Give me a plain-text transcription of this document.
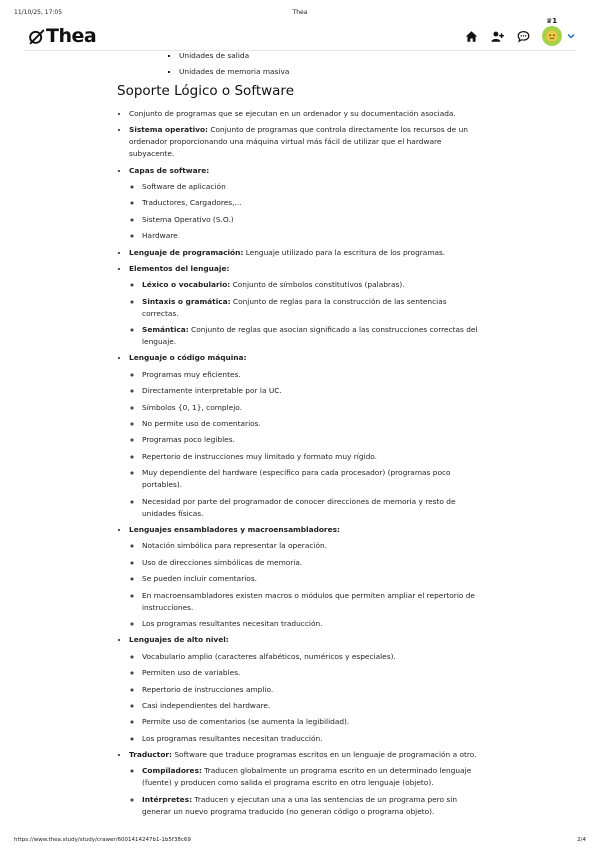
11/10/25, 17:05	Thea
Thea
♛1
▪ Unidades de salida
▪ Unidades de memoria masiva
Soporte Lógico o Software
• Conjunto de programas que se ejecutan en un ordenador y su documentación asociada.
• Sistema operativo: Conjunto de programas que controla directamente los recursos de un ordenador proporcionando una máquina virtual más fácil de utilizar que el hardware subyacente.
• Capas de software:
◦ Software de aplicación
◦ Traductores, Cargadores,...
◦ Sistema Operativo (S.O.)
◦ Hardware
• Lenguaje de programación: Lenguaje utilizado para la escritura de los programas.
• Elementos del lenguaje:
◦ Léxico o vocabulario: Conjunto de símbolos constitutivos (palabras).
◦ Sintaxis o gramática: Conjunto de reglas para la construcción de las sentencias correctas.
◦ Semántica: Conjunto de reglas que asocian significado a las construcciones correctas del lenguaje.
• Lenguaje o código máquina:
◦ Programas muy eficientes.
◦ Directamente interpretable por la UC.
◦ Símbolos {0, 1}, complejo.
◦ No permite uso de comentarios.
◦ Programas poco legibles.
◦ Repertorio de instrucciones muy limitado y formato muy rígido.
◦ Muy dependiente del hardware (específico para cada procesador) (programas poco portables).
◦ Necesidad por parte del programador de conocer direcciones de memoria y resto de unidades físicas.
• Lenguajes ensambladores y macroensambladores:
◦ Notación simbólica para representar la operación.
◦ Uso de direcciones simbólicas de memoria.
◦ Se pueden incluir comentarios.
◦ En macroensambladores existen macros o módulos que permiten ampliar el repertorio de instrucciones.
◦ Los programas resultantes necesitan traducción.
• Lenguajes de alto nivel:
◦ Vocabulario amplio (caracteres alfabéticos, numéricos y especiales).
◦ Permiten uso de variables.
◦ Repertorio de instrucciones amplio.
◦ Casi independientes del hardware.
◦ Permite uso de comentarios (se aumenta la legibilidad).
◦ Los programas resultantes necesitan traducción.
• Traductor: Software que traduce programas escritos en un lenguaje de programación a otro.
◦ Compiladores: Traducen globalmente un programa escrito en un determinado lenguaje (fuente) y producen como salida el programa escrito en otro lenguaje (objeto).
◦ Intérpretes: Traducen y ejecutan una a una las sentencias de un programa pero sin generar un nuevo programa traducido (no generan código o programa objeto).
https://www.thea.study/study/crawer/6001414247b1-1b5f38c69	2/4
